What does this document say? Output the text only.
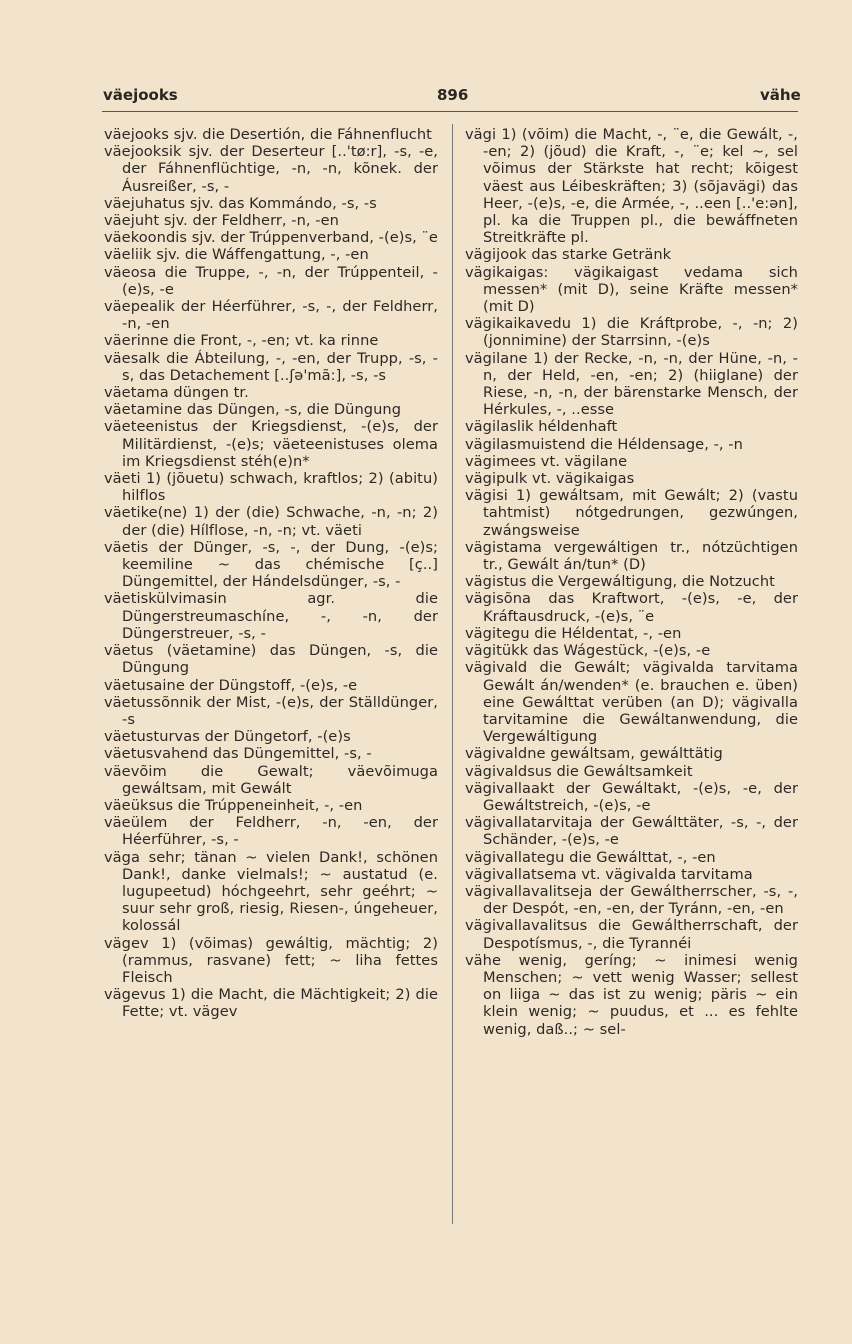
väejooks	896	vähe

väejooks sjv. die Desertión, die Fáhnenflucht

väejooksik sjv. der Deserteur [..'tø:r], -s, -e, der Fáhnenflüchtige, -n, -n, kõnek. der Áusreißer, -s, -

väejuhatus sjv. das Kommándo, -s, -s

väejuht sjv. der Feldherr, -n, -en

väekoondis sjv. der Trúppenverband, -(e)s, ¨e

väeliik sjv. die Wáffengattung, -, -en

väeosa die Truppe, -, -n, der Trúppenteil, -(e)s, -e

väepealik der Héerführer, -s, -, der Feldherr, -n, -en

väerinne die Front, -, -en; vt. ka rinne

väesalk die Ábteilung, -, -en, der Trupp, -s, -s, das Detachement [..ʃə'mã:], -s, -s

väetama düngen tr.

väetamine das Düngen, -s, die Düngung

väeteenistus der Kriegsdienst, -(e)s, der Militärdienst, -(e)s; väeteenistuses olema im Kriegsdienst stéh(e)n*

väeti 1) (jõuetu) schwach, kraftlos; 2) (abitu) hilflos

väetike(ne) 1) der (die) Schwache, -n, -n; 2) der (die) Hílflose, -n, -n; vt. väeti

väetis der Dünger, -s, -, der Dung, -(e)s; keemiline ~ das chémische [ç..] Düngemittel, der Hándelsdünger, -s, -

väetiskülvimasin agr. die Düngerstreumaschíne, -, -n, der Düngerstreuer, -s, -

väetus (väetamine) das Düngen, -s, die Düngung

väetusaine der Düngstoff, -(e)s, -e

väetussõnnik der Mist, -(e)s, der Ställdünger, -s

väetusturvas der Düngetorf, -(e)s

väetusvahend das Düngemittel, -s, -

väevõim die Gewalt; väevõimuga gewáltsam, mit Gewált

väeüksus die Trúppeneinheit, -, -en

väeülem der Feldherr, -n, -en, der Héerführer, -s, -

väga sehr; tänan ~ vielen Dank!, schönen Dank!, danke vielmals!; ~ austatud (e. lugupeetud) hóchgeehrt, sehr geéhrt; ~ suur sehr groß, riesig, Riesen-, úngeheuer, kolossál

vägev 1) (võimas) gewáltig, mächtig; 2) (rammus, rasvane) fett; ~ liha fettes Fleisch

vägevus 1) die Macht, die Mächtigkeit; 2) die Fette; vt. vägev

vägi 1) (võim) die Macht, -, ¨e, die Gewált, -, -en; 2) (jõud) die Kraft, -, ¨e; kel ~, sel võimus der Stärkste hat recht; kõigest väest aus Léibeskräften; 3) (sõjavägi) das Heer, -(e)s, -e, die Armée, -, ..een [..'e:ən], pl. ka die Truppen pl., die bewáffneten Streitkräfte pl.

vägijook das starke Getränk

vägikaigas: vägikaigast vedama sich messen* (mit D), seine Kräfte messen* (mit D)

vägikaikavedu 1) die Kráftprobe, -, -n; 2) (jonnimine) der Starrsinn, -(e)s

vägilane 1) der Recke, -n, -n, der Hüne, -n, -n, der Held, -en, -en; 2) (hiiglane) der Riese, -n, -n, der bärenstarke Mensch, der Hérkules, -, ..esse

vägilaslik héldenhaft

vägilasmuistend die Héldensage, -, -n

vägimees vt. vägilane

vägipulk vt. vägikaigas

vägisi 1) gewáltsam, mit Gewált; 2) (vastu tahtmist) nótgedrungen, gezwúngen, zwángsweise

vägistama vergewáltigen tr., nótzüchtigen tr., Gewált án/tun* (D)

vägistus die Vergewáltigung, die Notzucht

vägisõna das Kraftwort, -(e)s, -e, der Kráftausdruck, -(e)s, ¨e

vägitegu die Héldentat, -, -en

vägitükk das Wágestück, -(e)s, -e

vägivald die Gewált; vägivalda tarvitama Gewált án/wenden* (e. brauchen e. üben) eine Gewálttat verüben (an D); vägivalla tarvitamine die Gewáltanwendung, die Vergewáltigung

vägivaldne gewáltsam, gewálttätig

vägivaldsus die Gewáltsamkeit

vägivallaakt der Gewáltakt, -(e)s, -e, der Gewáltstreich, -(e)s, -e

vägivallatarvitaja der Gewálttäter, -s, -, der Schänder, -(e)s, -e

vägivallategu die Gewálttat, -, -en

vägivallatsema vt. vägivalda tarvitama

vägivallavalitseja der Gewáltherrscher, -s, -, der Despót, -en, -en, der Tyránn, -en, -en

vägivallavalitsus die Gewáltherrschaft, der Despotísmus, -, die Tyrannéi

vähe wenig, geríng; ~ inimesi wenig Menschen; ~ vett wenig Wasser; sellest on liiga ~ das ist zu wenig; päris ~ ein klein wenig; ~ puudus, et ... es fehlte wenig, daß..; ~ sel-
